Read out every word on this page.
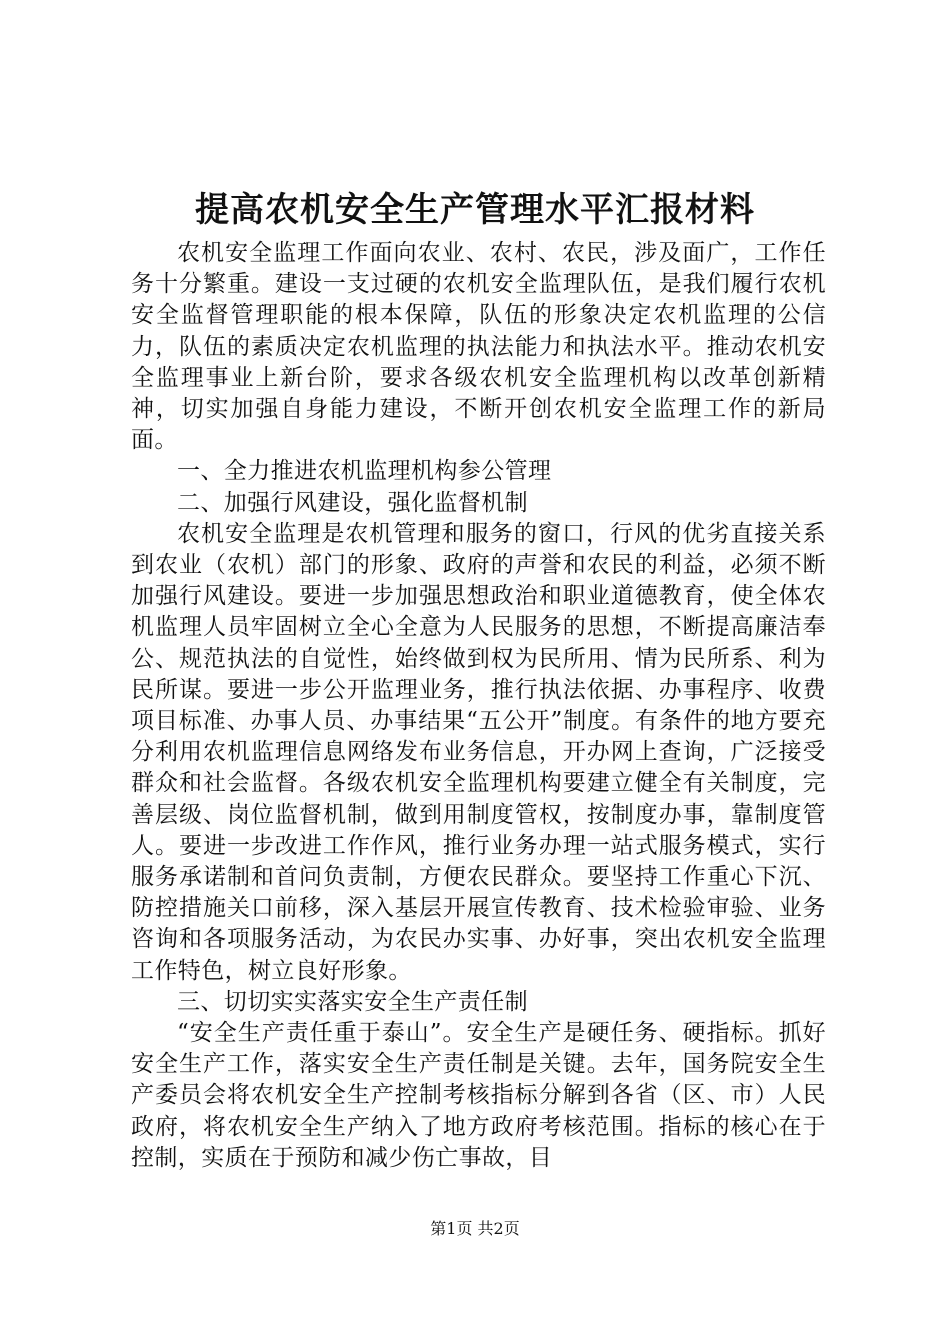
提高农机安全生产管理水平汇报材料

农机安全监理工作面向农业、农村、农民，涉及面广，工作任务十分繁重。建设一支过硬的农机安全监理队伍，是我们履行农机安全监督管理职能的根本保障，队伍的形象决定农机监理的公信力，队伍的素质决定农机监理的执法能力和执法水平。推动农机安全监理事业上新台阶，要求各级农机安全监理机构以改革创新精神，切实加强自身能力建设，不断开创农机安全监理工作的新局面。

一、全力推进农机监理机构参公管理

二、加强行风建设，强化监督机制

农机安全监理是农机管理和服务的窗口，行风的优劣直接关系到农业（农机）部门的形象、政府的声誉和农民的利益，必须不断加强行风建设。要进一步加强思想政治和职业道德教育，使全体农机监理人员牢固树立全心全意为人民服务的思想，不断提高廉洁奉公、规范执法的自觉性，始终做到权为民所用、情为民所系、利为民所谋。要进一步公开监理业务，推行执法依据、办事程序、收费项目标准、办事人员、办事结果“五公开”制度。有条件的地方要充分利用农机监理信息网络发布业务信息，开办网上查询，广泛接受群众和社会监督。各级农机安全监理机构要建立健全有关制度，完善层级、岗位监督机制，做到用制度管权，按制度办事，靠制度管人。要进一步改进工作作风，推行业务办理一站式服务模式，实行服务承诺制和首问负责制，方便农民群众。要坚持工作重心下沉、防控措施关口前移，深入基层开展宣传教育、技术检验审验、业务咨询和各项服务活动，为农民办实事、办好事，突出农机安全监理工作特色，树立良好形象。

三、切切实实落实安全生产责任制

“安全生产责任重于泰山”。安全生产是硬任务、硬指标。抓好安全生产工作，落实安全生产责任制是关键。去年，国务院安全生产委员会将农机安全生产控制考核指标分解到各省（区、市）人民政府，将农机安全生产纳入了地方政府考核范围。指标的核心在于控制，实质在于预防和减少伤亡事故，目

第1页 共2页
